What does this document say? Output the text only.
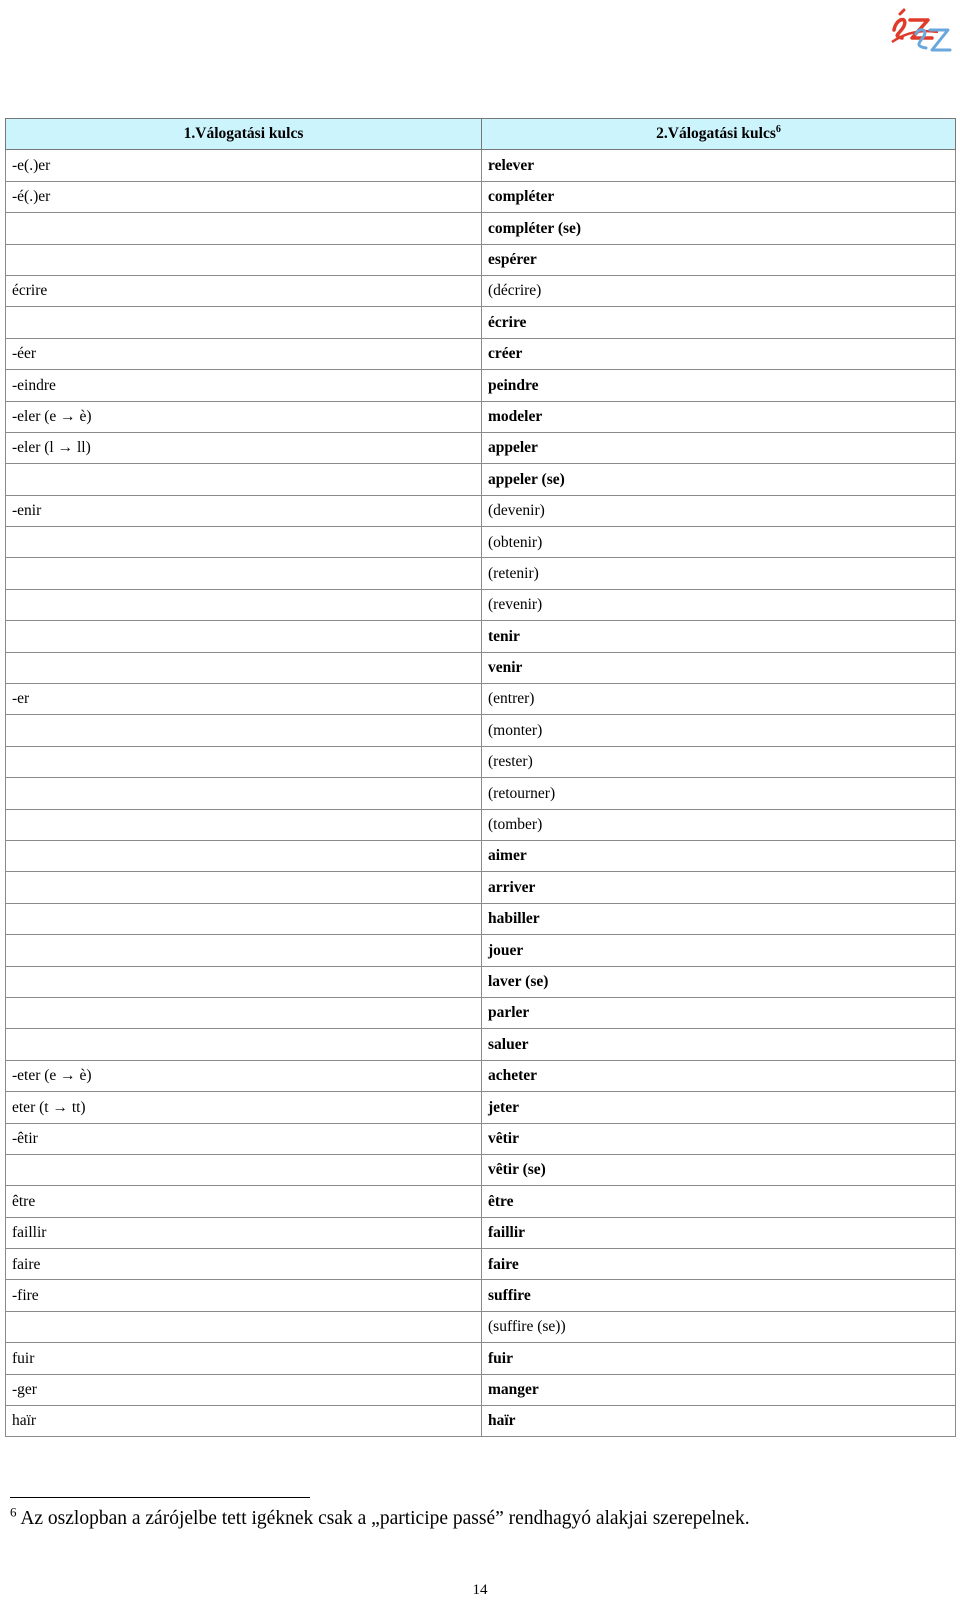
1.Válogatási kulcs	2.Válogatási kulcs$^6$
-e(.)er	relever
-é(.)er	compléter
	compléter (se)
	espérer
écrire	(décrire)
	écrire
-éer	créer
-eindre	peindre
-eler (e → è)	modeler
-eler (l → ll)	appeler
	appeler (se)
-enir	(devenir)
	(obtenir)
	(retenir)
	(revenir)
	tenir
	venir
-er	(entrer)
	(monter)
	(rester)
	(retourner)
	(tomber)
	aimer
	arriver
	habiller
	jouer
	laver (se)
	parler
	saluer
-eter (e → è)	acheter
eter (t → tt)	jeter
-êtir	vêtir
	vêtir (se)
être	être
faillir	faillir
faire	faire
-fire	suffire
	(suffire (se))
fuir	fuir
-ger	manger
haïr	haïr
$^6$ Az oszlopban a zárójelbe tett igéknek csak a „participe passé” rendhagyó alakjai szerepelnek.
14
